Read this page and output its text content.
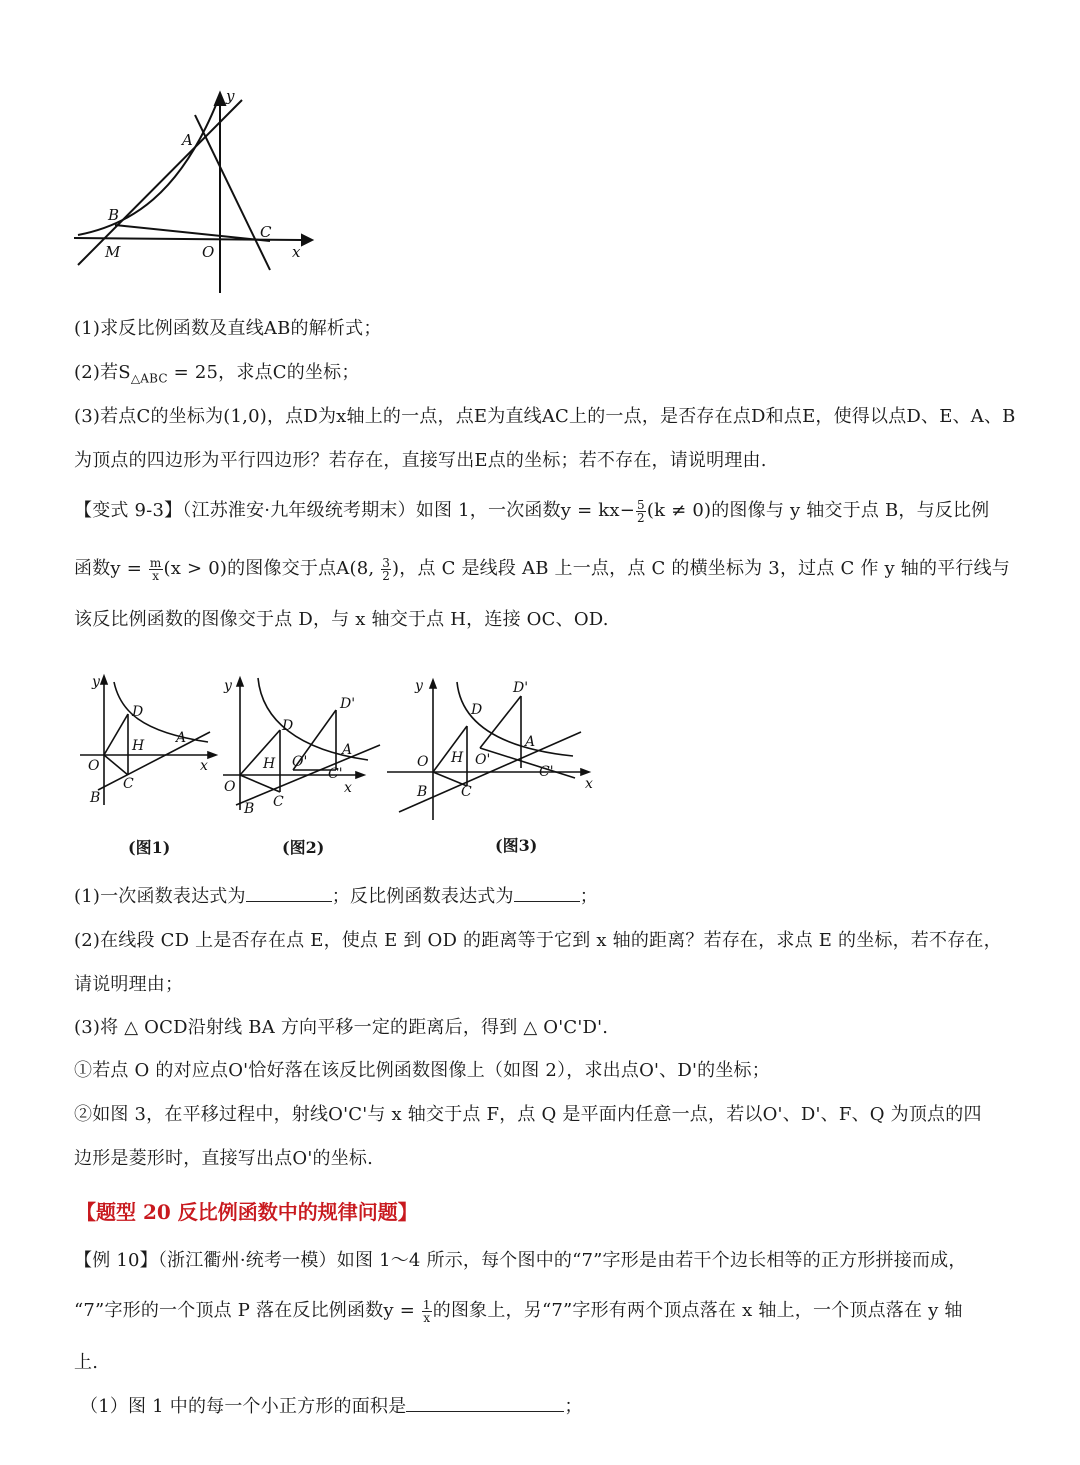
y
x
A
B
C
M	O
(1)求反比例函数及直线AB的解析式；
(2)若$S_{\triangle ABC} = 25$，求点C的坐标；
(3)若点C的坐标为(1,0)，点D为x轴上的一点，点E为直线AC上的一点，是否存在点D和点E，使得以点D、E、A、B
为顶点的四边形为平行四边形？若存在，直接写出E点的坐标；若不存在，请说明理由.
【变式 9-3】（江苏淮安·九年级统考期末）如图 1，一次函数$y = kx- \frac{5}{2} (k \ne 0)$的图像与 y 轴交于点 B，与反比例
函数$y = \frac{m}{x} (x > 0)$的图像交于点A(8, $\frac{3}{2}$ )，点 C 是线段 AB 上一点，点 C 的横坐标为 3，过点 C 作 y 轴的平行线与
该反比例函数的图像交于点 D，与 x 轴交于点 H，连接 OC、OD.
y
x
O
B
C
D
H A
(图1)
y
x
O
B C
D
H O'
D'
A
C'
(图2)
y
x
O
B C
D
H O'
D'
A
C'
(图3)
(1)一次函数表达式为	；反比例函数表达式为	；
(2)在线段 CD 上是否存在点 E，使点 E 到 OD 的距离等于它到 x 轴的距离？若存在，求点 E 的坐标，若不存在，
请说明理由；
(3)将 △ OCD沿射线 BA 方向平移一定的距离后，得到 △ O'C'D'.
①若点 O 的对应点O'恰好落在该反比例函数图像上（如图 2），求出点O'、D'的坐标；
②如图 3，在平移过程中，射线O'C'与 x 轴交于点 F，点 Q 是平面内任意一点，若以O'、D'、F、Q 为顶点的四
边形是菱形时，直接写出点O'的坐标.
【题型 20 反比例函数中的规律问题】
【例 10】（浙江衢州·统考一模）如图 1～4 所示，每个图中的“7”字形是由若干个边长相等的正方形拼接而成，
“7”字形的一个顶点 P 落在反比例函数$y = \frac{1}{x}$ 的图象上，另“7”字形有两个顶点落在 x 轴上，一个顶点落在 y 轴
上.
（1）图 1 中的每一个小正方形的面积是	；
